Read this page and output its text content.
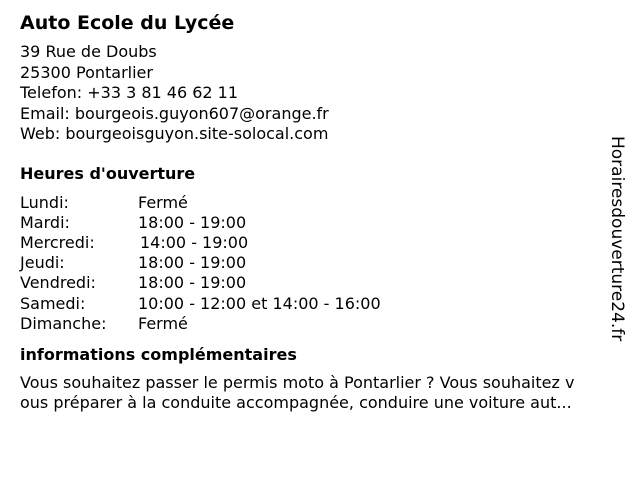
Auto Ecole du Lycée
39 Rue de Doubs
25300 Pontarlier
Telefon: +33 3 81 46 62 11
Email: bourgeois.guyon607@orange.fr
Web: bourgeoisguyon.site-solocal.com
Heures d'ouverture
Lundi:	Fermé
Mardi:	18:00 - 19:00
Mercredi:	14:00 - 19:00
Jeudi:	18:00 - 19:00
Vendredi:	18:00 - 19:00
Samedi:	10:00 - 12:00 et 14:00 - 16:00
Dimanche:	Fermé
informations complémentaires
Vous souhaitez passer le permis moto à Pontarlier ? Vous souhaitez v
ous préparer à la conduite accompagnée, conduire une voiture aut...
Horairesdouverture24.fr
